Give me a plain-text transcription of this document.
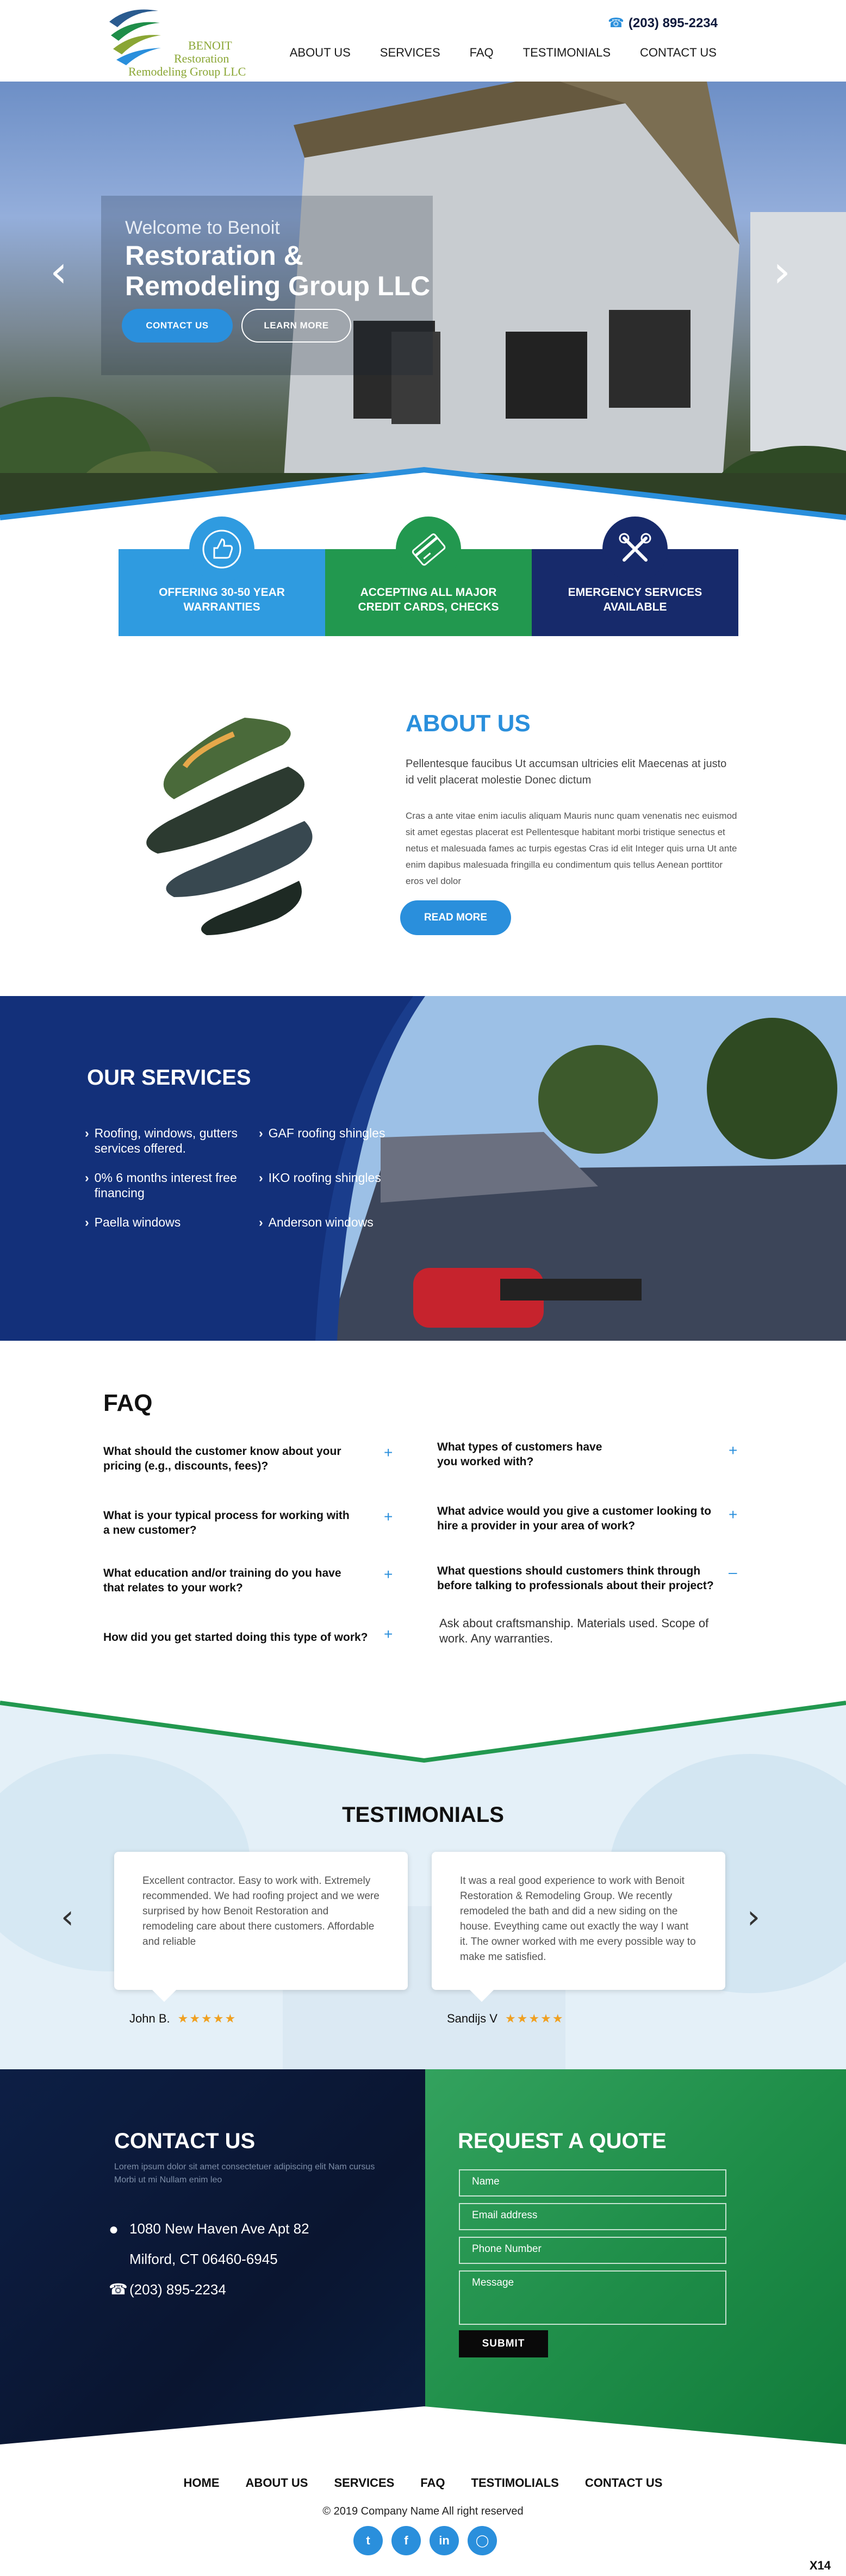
BENOIT
Restoration
Remodeling Group LLC
☎ (203) 895-2234
ABOUT US SERVICES FAQ TESTIMONIALS CONTACT US
Welcome to Benoit
Restoration & Remodeling Group LLC
CONTACT US	LEARN MORE
‹	›
OFFERING 30-50 YEAR WARRANTIES
ACCEPTING ALL MAJOR CREDIT CARDS, CHECKS
EMERGENCY SERVICES AVAILABLE
ABOUT US
Pellentesque faucibus Ut accumsan ultricies elit Maecenas at justo id velit placerat molestie Donec dictum
Cras a ante vitae enim iaculis aliquam Mauris nunc quam venenatis nec euismod sit amet egestas placerat est Pellentesque habitant morbi tristique senectus et netus et malesuada fames ac turpis egestas Cras id elit Integer quis urna Ut ante enim dapibus malesuada fringilla eu condimentum quis tellus Aenean porttitor eros vel dolor
READ MORE
OUR SERVICES
› Roofing, windows, gutters services offered.
› 0% 6 months interest free financing
› Paella windows
› GAF roofing shingles
› IKO roofing shingles
› Anderson windows
FAQ
What should the customer know about your pricing (e.g., discounts, fees)?
+
What is your typical process for working with a new customer?
+
What education and/or training do you have that relates to your work?
+
How did you get started doing this type of work?	+
What types of customers have you worked with?
+
What advice would you give a customer looking to hire a provider in your area of work?
+
What questions should customers think through before talking to professionals about their project?
–
Ask about craftsmanship. Materials used. Scope of work. Any warranties.
TESTIMONIALS
‹	›
Excellent contractor. Easy to work with. Extremely recommended. We had roofing project and we were surprised by how Benoit Restoration and remodeling care about there customers. Affordable and reliable
It was a real good experience to work with Benoit Restoration & Remodeling Group. We recently remodeled the bath and did a new siding on the house. Eveything came out exactly the way I want it. The owner worked with me every possible way to make me satisfied.
John B. ★★★★★	Sandijs V ★★★★★
CONTACT US
Lorem ipsum dolor sit amet consectetuer adipiscing elit Nam cursus Morbi ut mi Nullam enim leo
● 1080 New Haven Ave Apt 82
Milford, CT 06460-6945
☎ (203) 895-2234
REQUEST A QUOTE
Name
Email address
Phone Number
Message
SUBMIT
HOME ABOUT US SERVICES FAQ TESTIMOLIALS CONTACT US
© 2019 Company Name All right reserved
t	f	in	◯
X14
